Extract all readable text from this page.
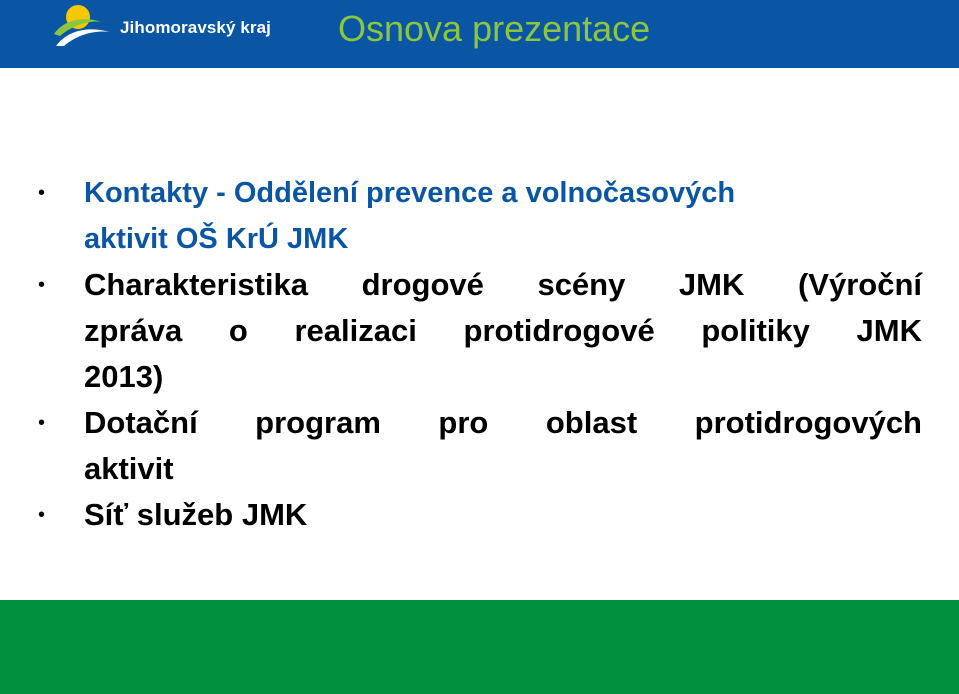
Jihomoravský kraj Osnova prezentace
•	Kontakty - Oddělení prevence a volnočasových
aktivit OŠ KrÚ JMK
•	Charakteristika drogové scény JMK (Výroční
zpráva o realizaci protidrogové politiky JMK
2013)
•	Dotační program pro oblast protidrogových
aktivit
•	Síť služeb JMK
